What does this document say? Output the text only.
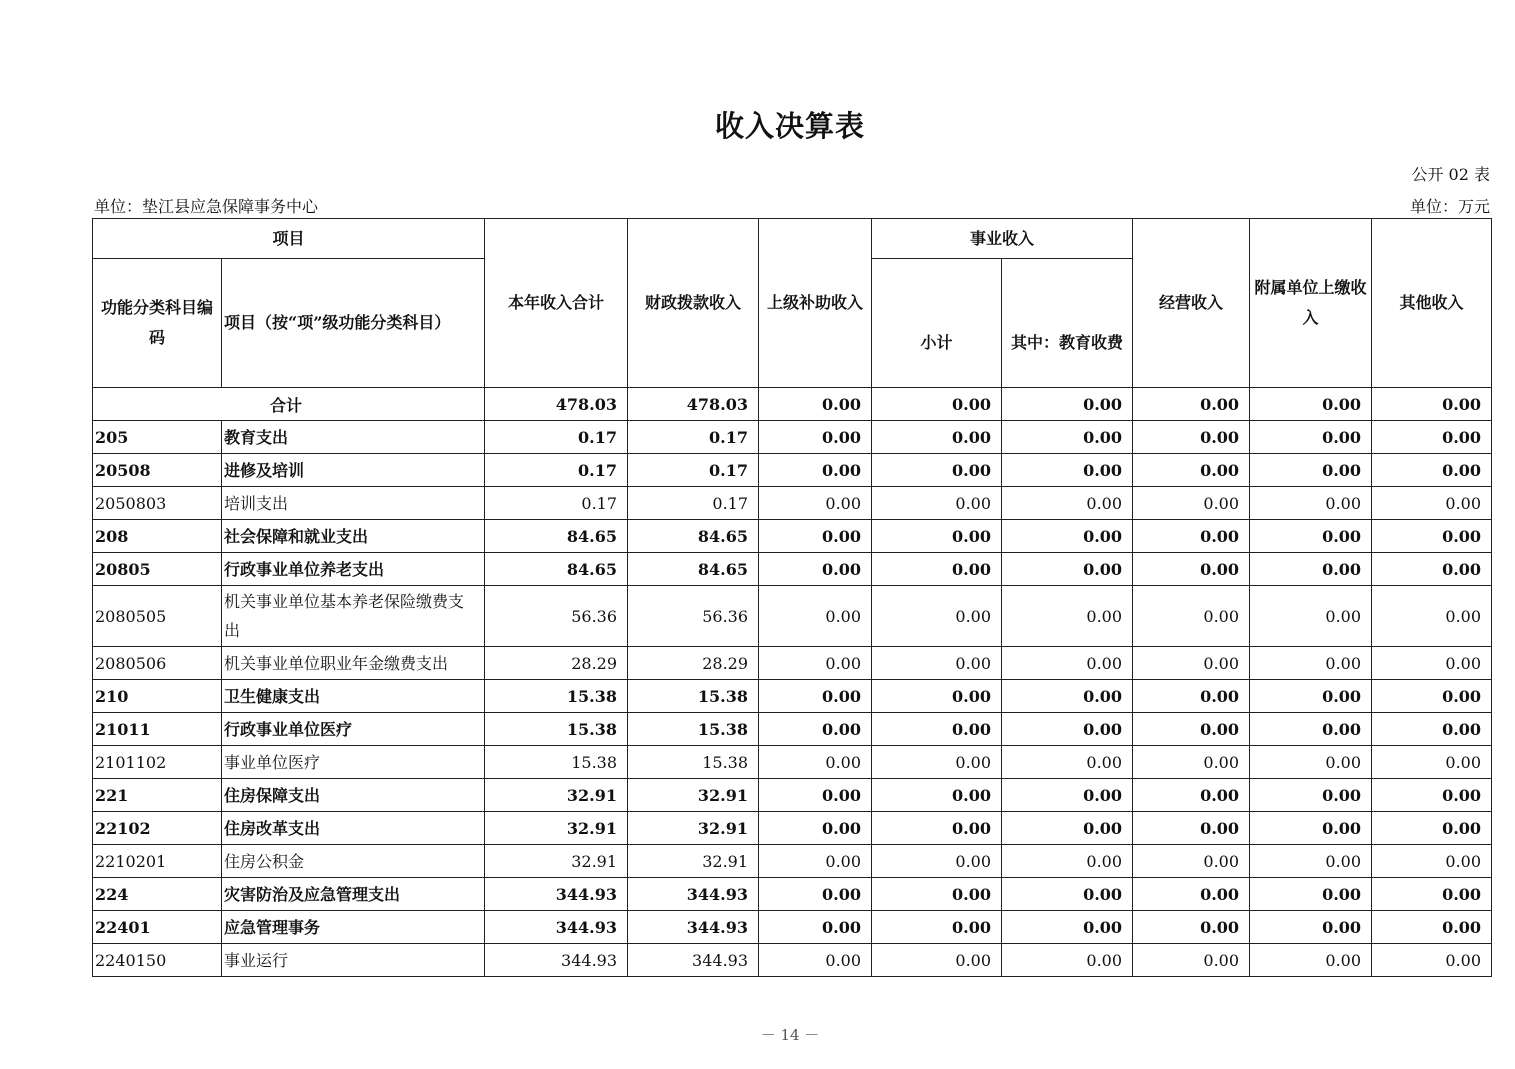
收入决算表
公开 02 表
单位：垫江县应急保障事务中心	单位：万元
项目		本年收入合计	财政拨款收入	上级补助收入	事业收入		经营收入	附属单位上缴收入	其他收入
功能分类科目编码	项目（按“项”级功能分类科目）				小计	其中：教育收费			
合计		478.03	478.03	0.00	0.00	0.00	0.00	0.00	0.00
205	教育支出	0.17	0.17	0.00	0.00	0.00	0.00	0.00	0.00
20508	进修及培训	0.17	0.17	0.00	0.00	0.00	0.00	0.00	0.00
2050803	培训支出	0.17	0.17	0.00	0.00	0.00	0.00	0.00	0.00
208	社会保障和就业支出	84.65	84.65	0.00	0.00	0.00	0.00	0.00	0.00
20805	行政事业单位养老支出	84.65	84.65	0.00	0.00	0.00	0.00	0.00	0.00
2080505	机关事业单位基本养老保险缴费支出	56.36	56.36	0.00	0.00	0.00	0.00	0.00	0.00
2080506	机关事业单位职业年金缴费支出	28.29	28.29	0.00	0.00	0.00	0.00	0.00	0.00
210	卫生健康支出	15.38	15.38	0.00	0.00	0.00	0.00	0.00	0.00
21011	行政事业单位医疗	15.38	15.38	0.00	0.00	0.00	0.00	0.00	0.00
2101102	事业单位医疗	15.38	15.38	0.00	0.00	0.00	0.00	0.00	0.00
221	住房保障支出	32.91	32.91	0.00	0.00	0.00	0.00	0.00	0.00
22102	住房改革支出	32.91	32.91	0.00	0.00	0.00	0.00	0.00	0.00
2210201	住房公积金	32.91	32.91	0.00	0.00	0.00	0.00	0.00	0.00
224	灾害防治及应急管理支出	344.93	344.93	0.00	0.00	0.00	0.00	0.00	0.00
22401	应急管理事务	344.93	344.93	0.00	0.00	0.00	0.00	0.00	0.00
2240150	事业运行	344.93	344.93	0.00	0.00	0.00	0.00	0.00	0.00
－ 14 －
